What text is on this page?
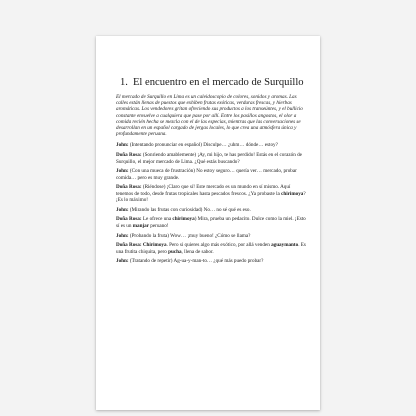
1. El encuentro en el mercado de Surquillo

El mercado de Surquillo en Lima es un caleidoscopio de colores, sonidos y aromas. Las calles están llenas de puestos que exhiben frutas exóticas, verduras frescas, y hierbas aromáticas. Los vendedores gritan ofreciendo sus productos a los transeúntes, y el bullicio constante envuelve a cualquiera que pase por allí. Entre los pasillos angostos, el olor a comida recién hecha se mezcla con el de las especias, mientras que las conversaciones se desarrollan en un español cargado de jergas locales, lo que crea una atmósfera única y profundamente peruana.

John: (Intentando pronunciar en español) Disculpe… ¿uhm… dónde… estoy?

Doña Rosa: (Sonriendo amablemente) ¡Ay, mi hijo, te has perdido! Estás en el corazón de Surquillo, el mejor mercado de Lima. ¿Qué estás buscando?

John: (Con una mueca de frustración) No estoy seguro… quería ver… mercado, probar comida… pero es muy grande.

Doña Rosa: (Riéndose) ¡Claro que sí! Este mercado es un mundo en sí mismo. Aquí tenemos de todo, desde frutas tropicales hasta pescados frescos. ¿Ya probaste la chirimoya? ¡Es lo máximo!

John: (Mirando las frutas con curiosidad) No… no sé qué es eso.

Doña Rosa: Le ofrece una chirimoya) Mira, prueba un pedacito. Dulce como la miel. ¡Esto sí es un manjar peruano!

John: (Probando la fruta) Wow… ¡muy bueno! ¿Cómo se llama?

Doña Rosa: Chirimoya. Pero si quieres algo más exótico, por allá venden aguaymanto. Es una frutita chiquita, pero pucha, llena de sabor.

John: (Tratando de repetir) Ag-ua-y-man-to… ¿qué más puedo probar?
